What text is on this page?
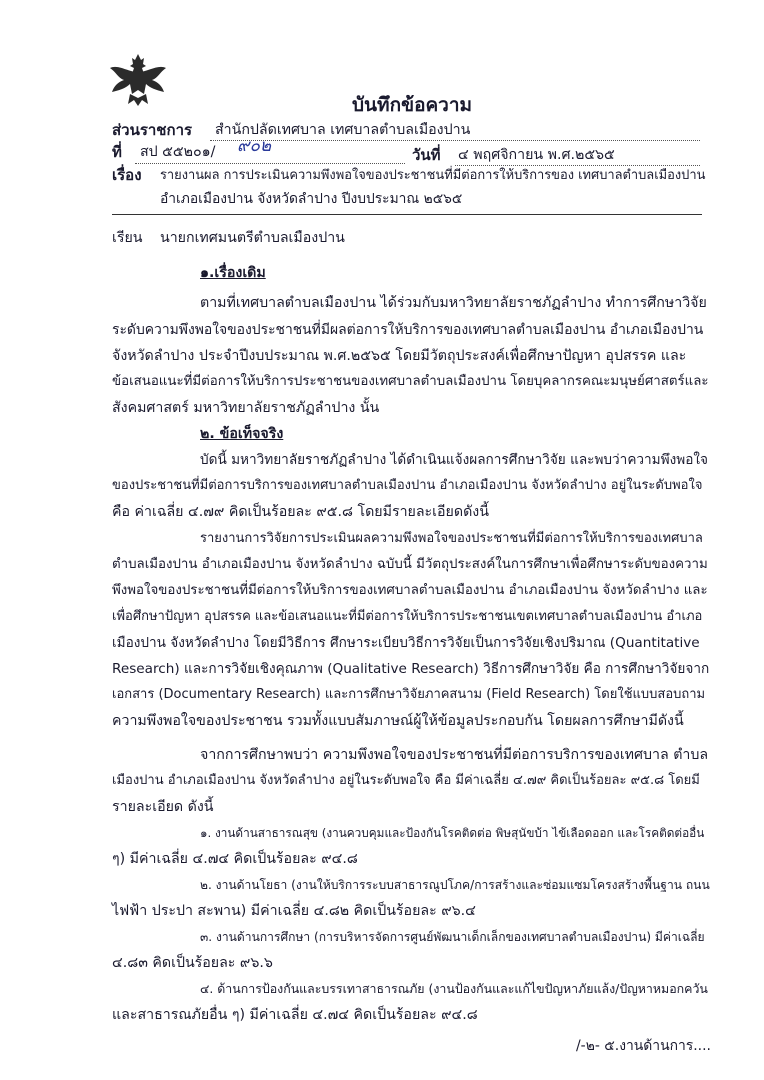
บันทึกข้อความ
ส่วนราชการ สำนักปลัดเทศบาล เทศบาลตำบลเมืองปาน
ที่ สป ๕๕๒๐๑/ ๙๐๒	วันที่ ๔ พฤศจิกายน พ.ศ.๒๕๖๕
เรื่อง รายงานผล การประเมินความพึงพอใจของประชาชนที่มีต่อการให้บริการของ เทศบาลตำบลเมืองปาน
อำเภอเมืองปาน จังหวัดลำปาง ปีงบประมาณ ๒๕๖๕
เรียน นายกเทศมนตรีตำบลเมืองปาน
๑.เรื่องเดิม
ตามที่เทศบาลตำบลเมืองปาน ได้ร่วมกับมหาวิทยาลัยราชภัฏลำปาง ทำการศึกษาวิจัย
ระดับความพึงพอใจของประชาชนที่มีผลต่อการให้บริการของเทศบาลตำบลเมืองปาน อำเภอเมืองปาน
จังหวัดลำปาง ประจำปีงบประมาณ พ.ศ.๒๕๖๕ โดยมีวัตถุประสงค์เพื่อศึกษาปัญหา อุปสรรค และ
ข้อเสนอแนะที่มีต่อการให้บริการประชาชนของเทศบาลตำบลเมืองปาน โดยบุคลากรคณะมนุษย์ศาสตร์และ
สังคมศาสตร์ มหาวิทยาลัยราชภัฏลำปาง นั้น
๒. ข้อเท็จจริง
บัดนี้ มหาวิทยาลัยราชภัฏลำปาง ได้ดำเนินแจ้งผลการศึกษาวิจัย และพบว่าความพึงพอใจ
ของประชาชนที่มีต่อการบริการของเทศบาลตำบลเมืองปาน อำเภอเมืองปาน จังหวัดลำปาง อยู่ในระดับพอใจ
คือ ค่าเฉลี่ย ๔.๗๙ คิดเป็นร้อยละ ๙๕.๘ โดยมีรายละเอียดดังนี้
รายงานการวิจัยการประเมินผลความพึงพอใจของประชาชนที่มีต่อการให้บริการของเทศบาล
ตำบลเมืองปาน อำเภอเมืองปาน จังหวัดลำปาง ฉบับนี้ มีวัตถุประสงค์ในการศึกษาเพื่อศึกษาระดับของความ
พึงพอใจของประชาชนที่มีต่อการให้บริการของเทศบาลตำบลเมืองปาน อำเภอเมืองปาน จังหวัดลำปาง และ
เพื่อศึกษาปัญหา อุปสรรค และข้อเสนอแนะที่มีต่อการให้บริการประชาชนเขตเทศบาลตำบลเมืองปาน อำเภอ
เมืองปาน จังหวัดลำปาง โดยมีวิธีการ ศึกษาระเบียบวิธีการวิจัยเป็นการวิจัยเชิงปริมาณ (Quantitative
Research) และการวิจัยเชิงคุณภาพ (Qualitative Research) วิธีการศึกษาวิจัย คือ การศึกษาวิจัยจาก
เอกสาร (Documentary Research) และการศึกษาวิจัยภาคสนาม (Field Research) โดยใช้แบบสอบถาม
ความพึงพอใจของประชาชน รวมทั้งแบบสัมภาษณ์ผู้ให้ข้อมูลประกอบกัน โดยผลการศึกษามีดังนี้
จากการศึกษาพบว่า ความพึงพอใจของประชาชนที่มีต่อการบริการของเทศบาล ตำบล
เมืองปาน อำเภอเมืองปาน จังหวัดลำปาง อยู่ในระดับพอใจ คือ มีค่าเฉลี่ย ๔.๗๙ คิดเป็นร้อยละ ๙๕.๘ โดยมี
รายละเอียด ดังนี้
๑. งานด้านสาธารณสุข (งานควบคุมและป้องกันโรคติดต่อ พิษสุนัขบ้า ไข้เลือดออก และโรคติดต่ออื่น
ๆ) มีค่าเฉลี่ย ๔.๗๔ คิดเป็นร้อยละ ๙๔.๘
๒. งานด้านโยธา (งานให้บริการระบบสาธารณูปโภค/การสร้างและซ่อมแซมโครงสร้างพื้นฐาน ถนน
ไฟฟ้า ประปา สะพาน) มีค่าเฉลี่ย ๔.๘๒ คิดเป็นร้อยละ ๙๖.๔
๓. งานด้านการศึกษา (การบริหารจัดการศูนย์พัฒนาเด็กเล็กของเทศบาลตำบลเมืองปาน) มีค่าเฉลี่ย
๔.๘๓ คิดเป็นร้อยละ ๙๖.๖
๔. ด้านการป้องกันและบรรเทาสาธารณภัย (งานป้องกันและแก้ไขปัญหาภัยแล้ง/ปัญหาหมอกควัน
และสาธารณภัยอื่น ๆ) มีค่าเฉลี่ย ๔.๗๔ คิดเป็นร้อยละ ๙๔.๘
/-๒- ๕.งานด้านการ....
